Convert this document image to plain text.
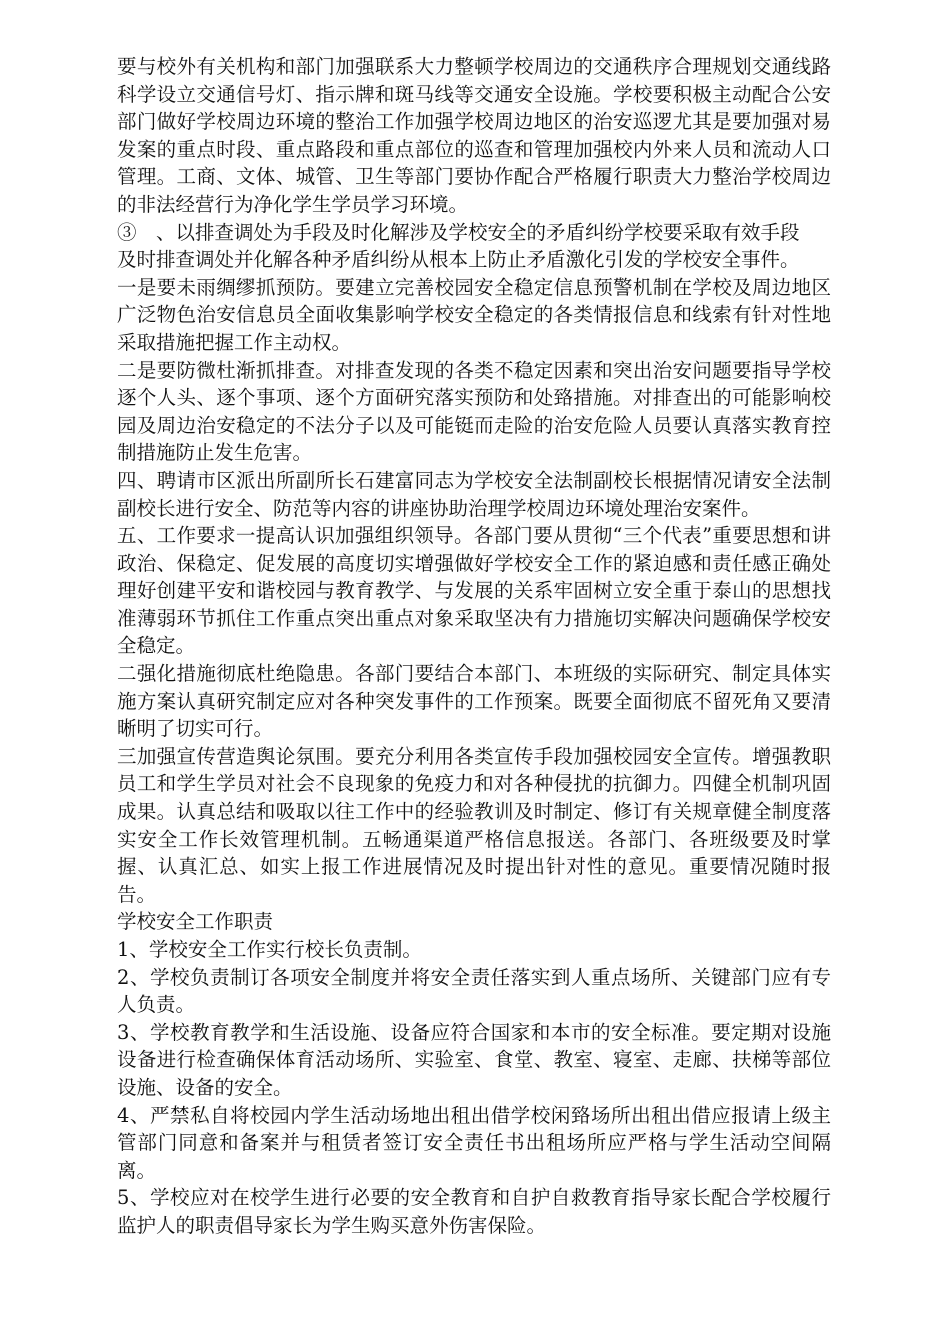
要与校外有关机构和部门加强联系大力整顿学校周边的交通秩序合理规划交通线路科学设立交通信号灯、指示牌和斑马线等交通安全设施。学校要积极主动配合公安部门做好学校周边环境的整治工作加强学校周边地区的治安巡逻尤其是要加强对易发案的重点时段、重点路段和重点部位的巡查和管理加强校内外来人员和流动人口管理。工商、文体、城管、卫生等部门要协作配合严格履行职责大力整治学校周边的非法经营行为净化学生学员学习环境。

③　、以排查调处为手段及时化解涉及学校安全的矛盾纠纷学校要采取有效手段

及时排查调处并化解各种矛盾纠纷从根本上防止矛盾激化引发的学校安全事件。

一是要未雨绸缪抓预防。要建立完善校园安全稳定信息预警机制在学校及周边地区广泛物色治安信息员全面收集影响学校安全稳定的各类情报信息和线索有针对性地采取措施把握工作主动权。

二是要防微杜渐抓排查。对排查发现的各类不稳定因素和突出治安问题要指导学校逐个人头、逐个事项、逐个方面研究落实预防和处臵措施。对排查出的可能影响校园及周边治安稳定的不法分子以及可能铤而走险的治安危险人员要认真落实教育控制措施防止发生危害。

四、聘请市区派出所副所长石建富同志为学校安全法制副校长根据情况请安全法制副校长进行安全、防范等内容的讲座协助治理学校周边环境处理治安案件。

五、工作要求一提高认识加强组织领导。各部门要从贯彻“三个代表”重要思想和讲政治、保稳定、促发展的高度切实增强做好学校安全工作的紧迫感和责任感正确处理好创建平安和谐校园与教育教学、与发展的关系牢固树立安全重于泰山的思想找准薄弱环节抓住工作重点突出重点对象采取坚决有力措施切实解决问题确保学校安全稳定。

二强化措施彻底杜绝隐患。各部门要结合本部门、本班级的实际研究、制定具体实施方案认真研究制定应对各种突发事件的工作预案。既要全面彻底不留死角又要清晰明了切实可行。

三加强宣传营造舆论氛围。要充分利用各类宣传手段加强校园安全宣传。增强教职员工和学生学员对社会不良现象的免疫力和对各种侵扰的抗御力。四健全机制巩固成果。认真总结和吸取以往工作中的经验教训及时制定、修订有关规章健全制度落实安全工作长效管理机制。五畅通渠道严格信息报送。各部门、各班级要及时掌握、认真汇总、如实上报工作进展情况及时提出针对性的意见。重要情况随时报告。

学校安全工作职责

1、学校安全工作实行校长负责制。

2、学校负责制订各项安全制度并将安全责任落实到人重点场所、关键部门应有专人负责。

3、学校教育教学和生活设施、设备应符合国家和本市的安全标准。要定期对设施设备进行检查确保体育活动场所、实验室、食堂、教室、寝室、走廊、扶梯等部位设施、设备的安全。

4、严禁私自将校园内学生活动场地出租出借学校闲臵场所出租出借应报请上级主管部门同意和备案并与租赁者签订安全责任书出租场所应严格与学生活动空间隔离。

5、学校应对在校学生进行必要的安全教育和自护自救教育指导家长配合学校履行监护人的职责倡导家长为学生购买意外伤害保险。
